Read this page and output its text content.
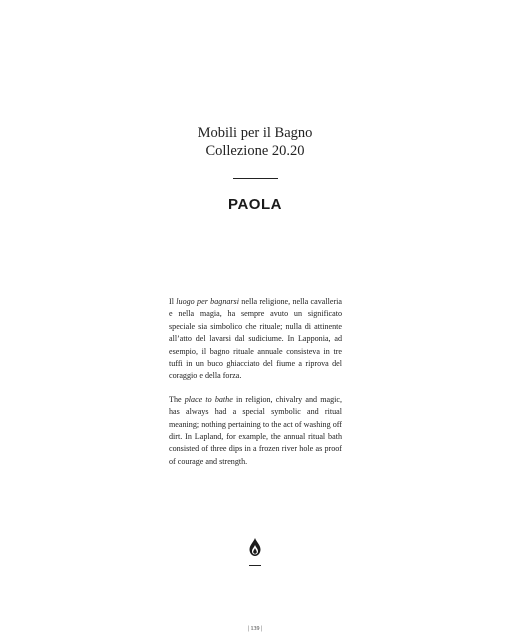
Mobili per il Bagno
Collezione 20.20
PAOLA

Il luogo per bagnarsi nella religione, nella cavalleria e nella magia, ha sempre avuto un significato speciale sia simbolico che rituale; nulla di attinente all’atto del lavarsi dal sudiciume. In Lapponia, ad esempio, il bagno rituale annuale consisteva in tre tuffi in un buco ghiacciato del fiume a riprova del coraggio e della forza.

The place to bathe in religion, chivalry and magic, has always had a special symbolic and ritual meaning; nothing pertaining to the act of washing off dirt. In Lapland, for example, the annual ritual bath consisted of three dips in a frozen river hole as proof of courage and strength.

| 139 |
